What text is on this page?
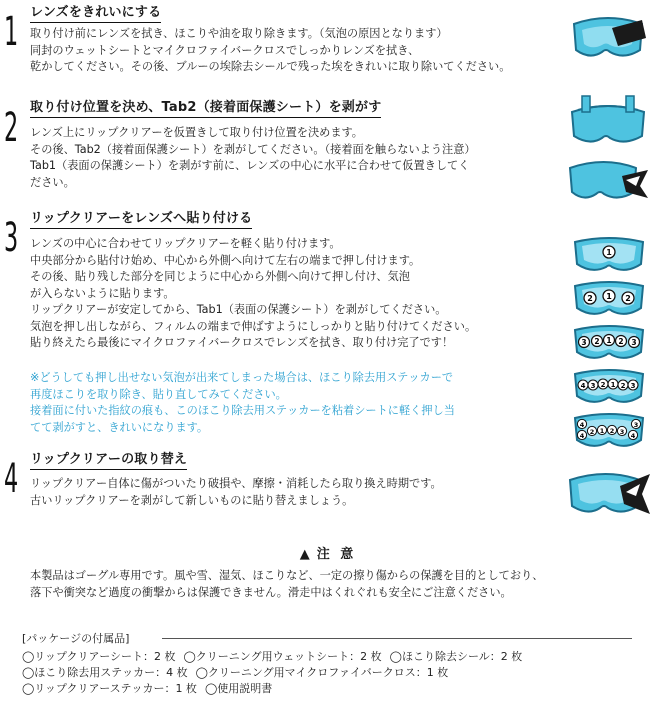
1 レンズをきれいにする
取り付け前にレンズを拭き、ほこりや油を取り除きます。（気泡の原因となります）
同封のウェットシートとマイクロファイバークロスでしっかりレンズを拭き、
乾かしてください。その後、ブルーの埃除去シールで残った埃をきれいに取り除いてください。
2 取り付け位置を決め、Tab2（接着面保護シート）を剥がす
レンズ上にリップクリアーを仮置きして取り付け位置を決めます。
その後、Tab2（接着面保護シート）を剥がしてください。（接着面を触らないよう注意）
Tab1（表面の保護シート）を剥がす前に、レンズの中心に水平に合わせて仮置きしてく
ださい。
3 リップクリアーをレンズへ貼り付ける
レンズの中心に合わせてリップクリアーを軽く貼り付けます。
中央部分から貼付け始め、中心から外側へ向けて左右の端まで押し付けます。
その後、貼り残した部分を同じように中心から外側へ向けて押し付け、気泡
が入らないように貼ります。
リップクリアーが安定してから、Tab1（表面の保護シート）を剥がしてください。
気泡を押し出しながら、フィルムの端まで伸ばすようにしっかりと貼り付けてください。
貼り終えたら最後にマイクロファイバークロスでレンズを拭き、取り付け完了です！
※どうしても押し出せない気泡が出来てしまった場合は、ほこり除去用ステッカーで
再度ほこりを取り除き、貼り直してみてください。
接着面に付いた指紋の痕も、このほこり除去用ステッカーを粘着シートに軽く押し当
てて剥がすと、きれいになります。
4 リップクリアーの取り替え
リップクリアー自体に傷がついたり破損や、摩擦・消耗したら取り換え時期です。
古いリップクリアーを剥がして新しいものに貼り替えましょう。
1
2 1 2
3 2 1 2 3
4 3 2 1 2 3
4	3
4 2 1 2 3 4
▲ 注 意
本製品はゴーグル専用です。風や雪、湿気、ほこりなど、一定の擦り傷からの保護を目的としており、
落下や衝突など過度の衝撃からは保護できません。滑走中はくれぐれも安全にご注意ください。
[パッケージの付属品]
◯リップクリアーシート：2 枚 ◯クリーニング用ウェットシート：2 枚 ◯ほこり除去シール：2 枚
◯ほこり除去用ステッカー：4 枚 ◯クリーニング用マイクロファイバークロス：1 枚
◯リップクリアーステッカー：1 枚 ◯使用説明書
